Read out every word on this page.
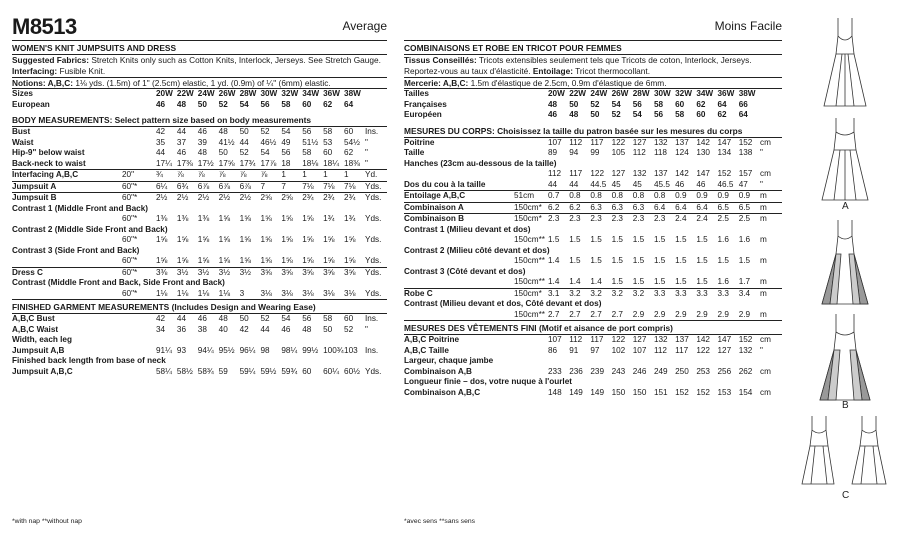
M8513	Average
WOMEN'S KNIT JUMPSUITS AND DRESS
Suggested Fabrics: Stretch Knits only such as Cotton Knits, Interlock, Jerseys. See Stretch Gauge.
Interfacing: Fusible Knit.
Notions: A,B,C: 1⅛ yds. (1.5m) of 1" (2.5cm) elastic, 1 yd. (0.9m) of ¼" (6mm) elastic.
Sizes		20W	22W	24W	26W	28W	30W	32W	34W	36W	38W	
European		46	48	50	52	54	56	58	60	62	64	

BODY MEASUREMENTS: Select pattern size based on body measurements
Bust		42	44	46	48	50	52	54	56	58	60	Ins.
Waist		35	37	39	41½	44	46½	49	51½	53	54½	"
Hip-9" below waist		44	46	48	50	52	54	56	58	60	62	"
Back-neck to waist		17¼	17⅜	17½	17⅝	17¾	17⅞	18	18⅛	18¼	18⅜	"
Interfacing A,B,C	20"	¾	⅞	⅞	⅞	⅞	⅞	1	1	1	1	Yd.
Jumpsuit A	60"*	6¼	6¾	6⅞	6⅞	6⅞	7	7	7⅛	7⅛	7⅛	Yds.
Jumpsuit B	60"*	2½	2½	2½	2½	2½	2⅝	2⅝	2¾	2¾	2¾	Yds.
Contrast 1 (Middle Front and Back)												
	60"*	1⅜	1⅜	1⅜	1⅝	1⅝	1⅝	1⅝	1⅝	1¾	1¾	Yds.
Contrast 2 (Middle Side Front and Back)												
	60"*	1⅝	1⅝	1⅝	1⅝	1⅝	1⅝	1⅝	1⅝	1⅝	1⅝	Yds.
Contrast 3 (Side Front and Back)												
	60"*	1⅝	1⅝	1⅝	1⅝	1⅝	1⅝	1⅝	1⅝	1⅝	1⅝	Yds.
Dress C	60"*	3⅜	3½	3½	3½	3½	3⅝	3⅝	3⅝	3⅝	3⅝	Yds.
Contrast (Middle Front and Back, Side Front and Back)												
	60"*	1⅛	1⅛	1⅛	1⅛	3	3⅛	3⅛	3⅛	3⅛	3⅛	Yds.
FINISHED GARMENT MEASUREMENTS (Includes Design and Wearing Ease)
A,B,C Bust		42	44	46	48	50	52	54	56	58	60	Ins.
A,B,C Waist		34	36	38	40	42	44	46	48	50	52	"
Width, each leg												
Jumpsuit A,B		91¼	93	94¼	95½	96¼	98	98¼	99½	100¾	103	Ins.
Finished back length from base of neck												
Jumpsuit A,B,C		58¼	58½	58¾	59	59¼	59½	59¾	60	60¼	60½	Yds.
Moins Facile
COMBINAISONS ET ROBE EN TRICOT POUR FEMMES
Tissus Conseillés: Tricots extensibles seulement tels que Tricots de coton, Interlock, Jerseys.
Reportez-vous au taux d'élasticité. Entoilage: Tricot thermocollant.
Mercerie: A,B,C: 1.5m d'élastique de 2.5cm, 0.9m d'élastique de 6mm.
Tailles		20W	22W	24W	26W	28W	30W	32W	34W	36W	38W	
Françaises		48	50	52	54	56	58	60	62	64	66	
Européen		46	48	50	52	54	56	58	60	62	64	

MESURES DU CORPS: Choisissez la taille du patron basée sur les mesures du corps
Poitrine		107	112	117	122	127	132	137	142	147	152	cm
Taille		89	94	99	105	112	118	124	130	134	138	"
Hanches (23cm au-dessous de la taille)												
		112	117	122	127	132	137	142	147	152	157	cm
Dos du cou à la taille		44	44	44.5	45	45	45.5	46	46	46.5	47	"
Entoilage A,B,C	51cm	0.7	0.8	0.8	0.8	0.8	0.8	0.9	0.9	0.9	0.9	m
Combinaison A	150cm*	6.2	6.2	6.3	6.3	6.3	6.4	6.4	6.4	6.5	6.5	m
Combinaison B	150cm*	2.3	2.3	2.3	2.3	2.3	2.3	2.4	2.4	2.5	2.5	m
Contrast 1 (Milieu devant et dos)												
	150cm**	1.5	1.5	1.5	1.5	1.5	1.5	1.5	1.5	1.6	1.6	m
Contrast 2 (Milieu côté devant et dos)												
	150cm**	1.4	1.5	1.5	1.5	1.5	1.5	1.5	1.5	1.5	1.5	m
Contrast 3 (Côté devant et dos)												
	150cm**	1.4	1.4	1.4	1.5	1.5	1.5	1.5	1.5	1.6	1.7	m
Robe C	150cm*	3.1	3.2	3.2	3.2	3.2	3.3	3.3	3.3	3.3	3.4	m
Contrast (Milieu devant et dos, Côté devant et dos)												
	150cm**	2.7	2.7	2.7	2.7	2.9	2.9	2.9	2.9	2.9	2.9	m
MESURES DES VÊTEMENTS FINI (Motif et aisance de port compris)
A,B,C Poitrine		107	112	117	122	127	132	137	142	147	152	cm
A,B,C Taille		86	91	97	102	107	112	117	122	127	132	"
Largeur, chaque jambe												
Combinaison A,B		233	236	239	243	246	249	250	253	256	262	cm
Longueur finie – dos, votre nuque à l'ourlet												
Combinaison A,B,C		148	149	149	150	150	151	152	152	153	154	cm
*with nap **without nap	*avec sens **sans sens
A
B
C
